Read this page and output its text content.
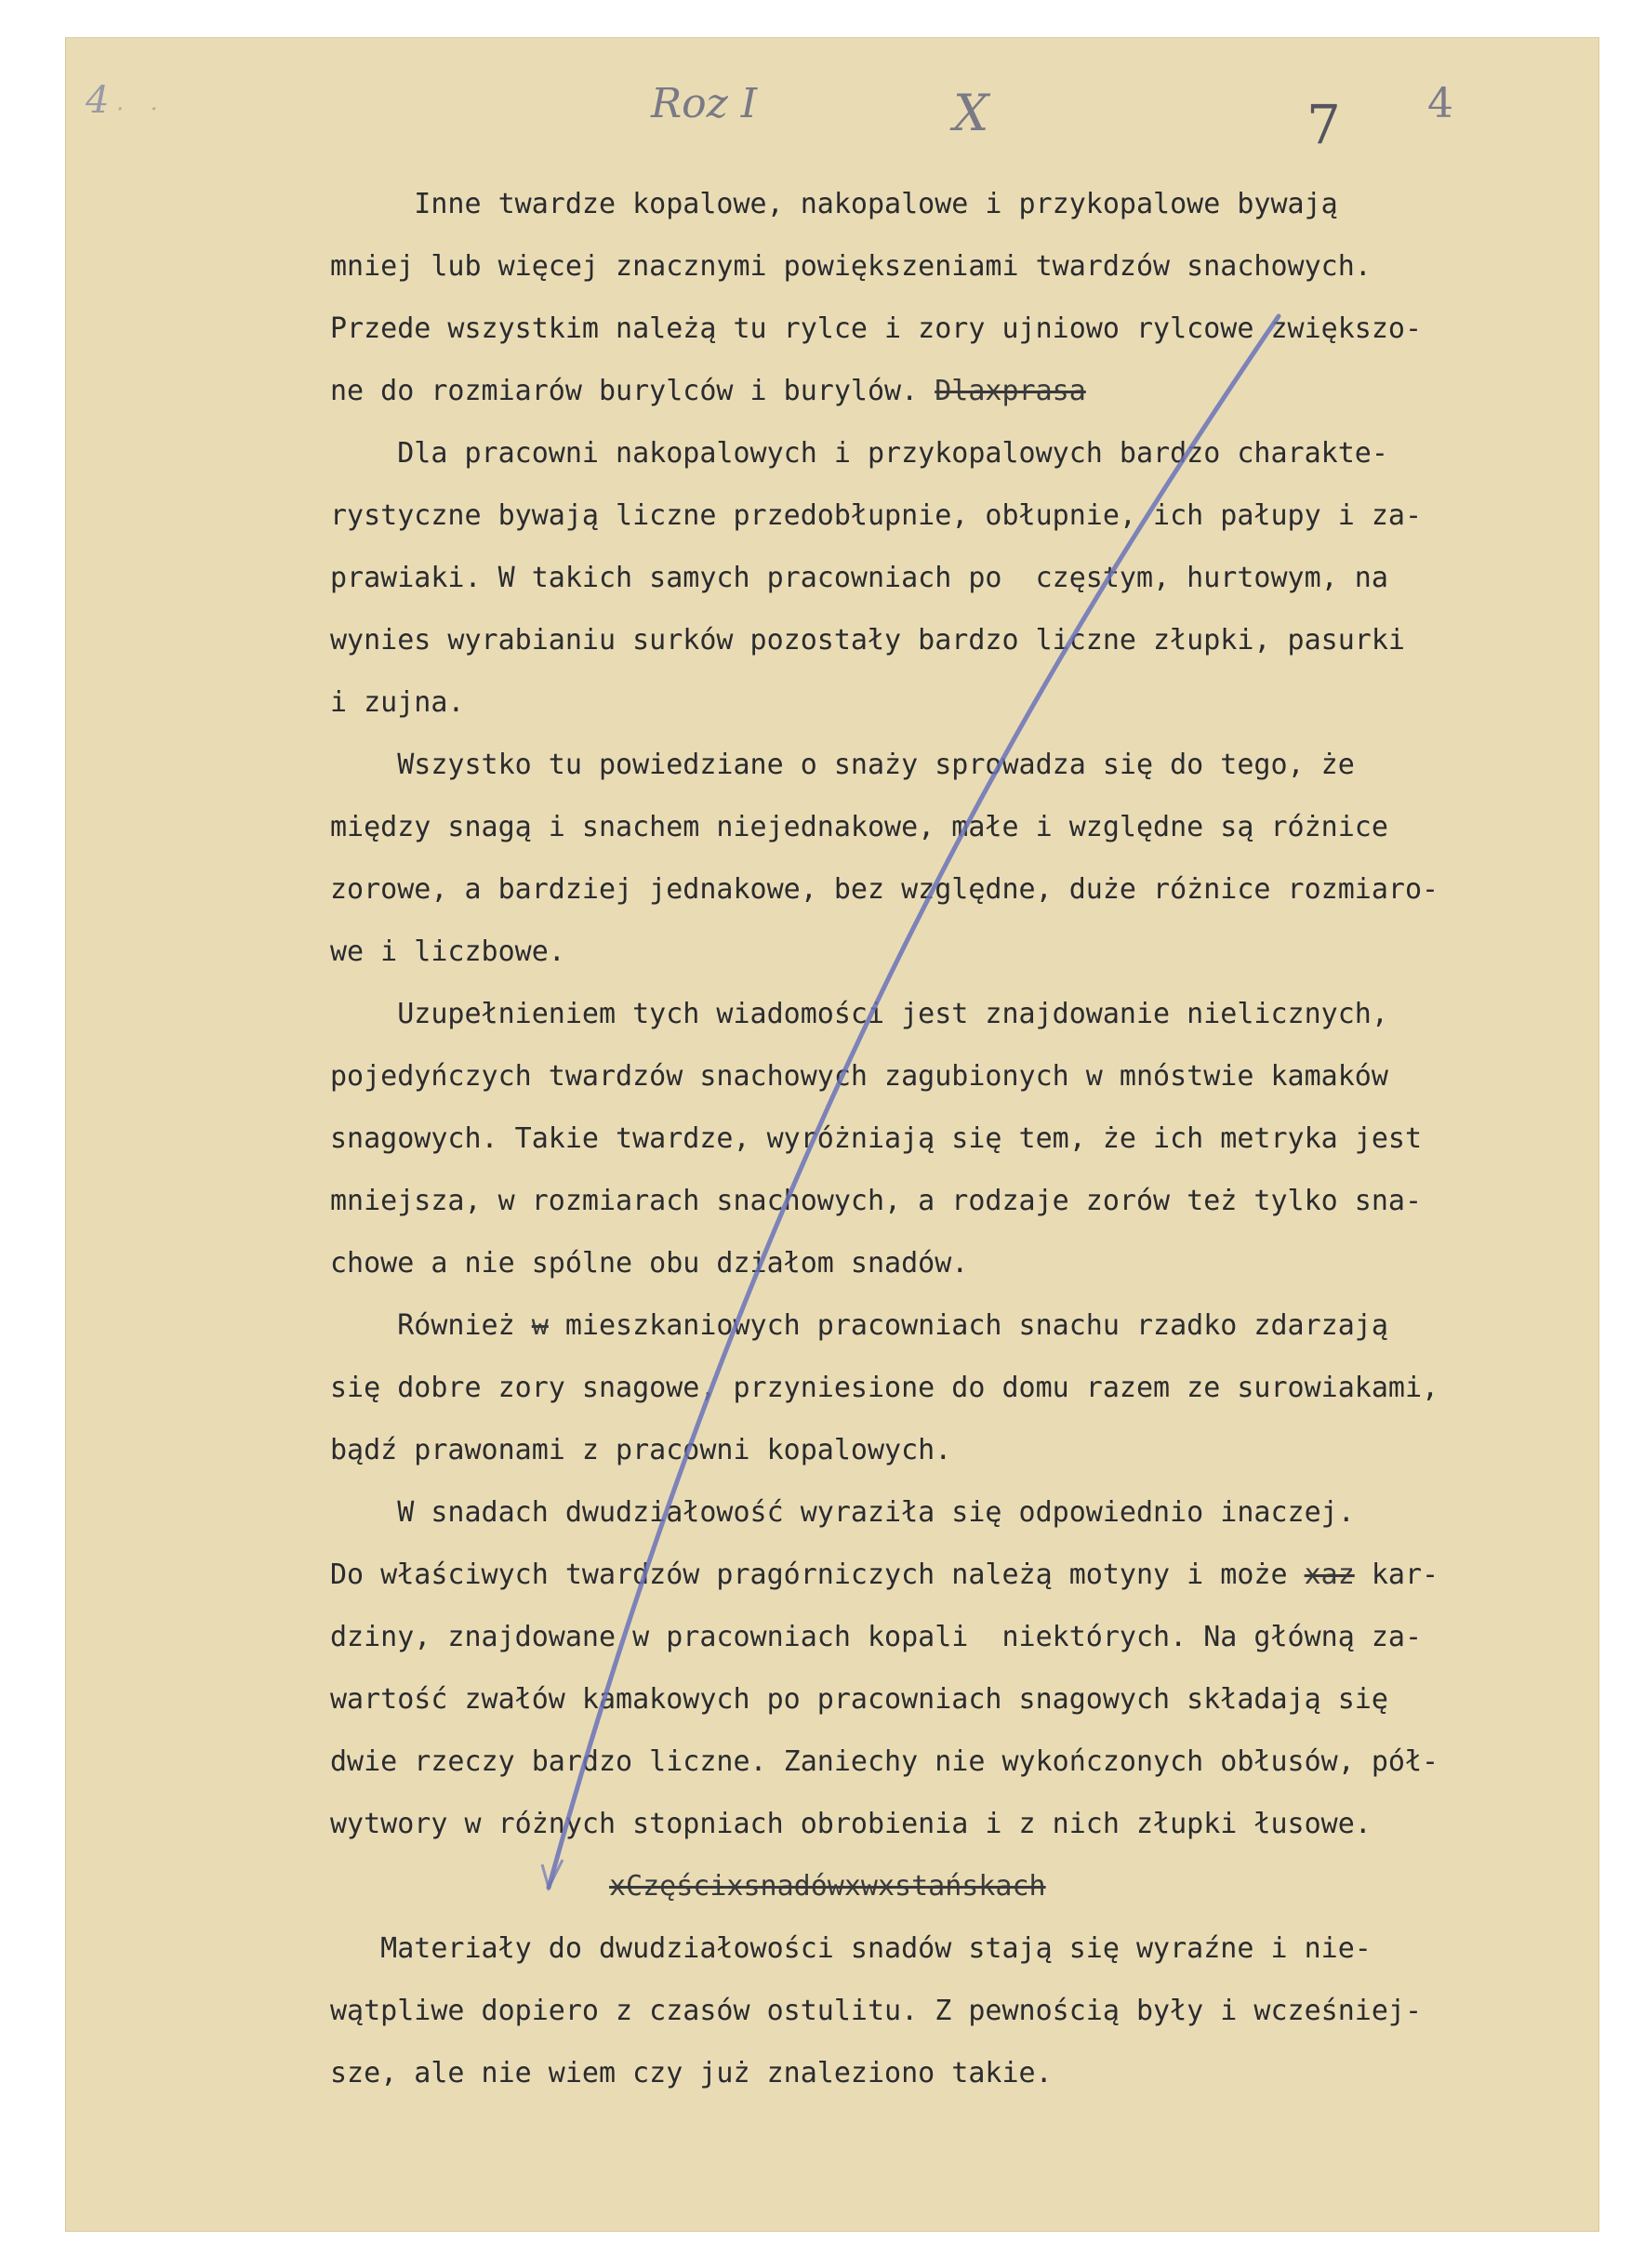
4 · ·	Roz I	X	7 4
Inne twardze kopalowe, nakopalowe i przykopalowe bywają
mniej lub więcej znacznymi powiększeniami twardzów snachowych.
Przede wszystkim należą tu rylce i zory ujniowo rylcowe zwiększo-
ne do rozmiarów burylców i burylów. Dlaxprasa
Dla pracowni nakopalowych i przykopalowych bardzo charakte-
rystyczne bywają liczne przedobłupnie, obłupnie, ich pałupy i za-
prawiaki. W takich samych pracowniach po  częstym, hurtowym, na
wynies wyrabianiu surków pozostały bardzo liczne złupki, pasurki
i zujna.
Wszystko tu powiedziane o snaży sprowadza się do tego, że
między snagą i snachem niejednakowe, małe i względne są różnice
zorowe, a bardziej jednakowe, bez względne, duże różnice rozmiaro-
we i liczbowe.
Uzupełnieniem tych wiadomości jest znajdowanie nielicznych,
pojedyńczych twardzów snachowych zagubionych w mnóstwie kamaków
snagowych. Takie twardze, wyróżniają się tem, że ich metryka jest
mniejsza, w rozmiarach snachowych, a rodzaje zorów też tylko sna-
chowe a nie spólne obu działom snadów.
Również w mieszkaniowych pracowniach snachu rzadko zdarzają
się dobre zory snagowe, przyniesione do domu razem ze surowiakami,
bądź prawonami z pracowni kopalowych.
W snadach dwudziałowość wyraziła się odpowiednio inaczej.
Do właściwych twardzów pragórniczych należą motyny i może xaz kar-
dziny, znajdowane w pracowniach kopali  niektórych. Na główną za-
wartość zwałów kamakowych po pracowniach snagowych składają się
dwie rzeczy bardzo liczne. Zaniechy nie wykończonych obłusów, pół-
wytwory w różnych stopniach obrobienia i z nich złupki łusowe.
xCzęścixsnadówxwxstańskach
Materiały do dwudziałowości snadów stają się wyraźne i nie-
wątpliwe dopiero z czasów ostulitu. Z pewnością były i wcześniej-
sze, ale nie wiem czy już znaleziono takie.
